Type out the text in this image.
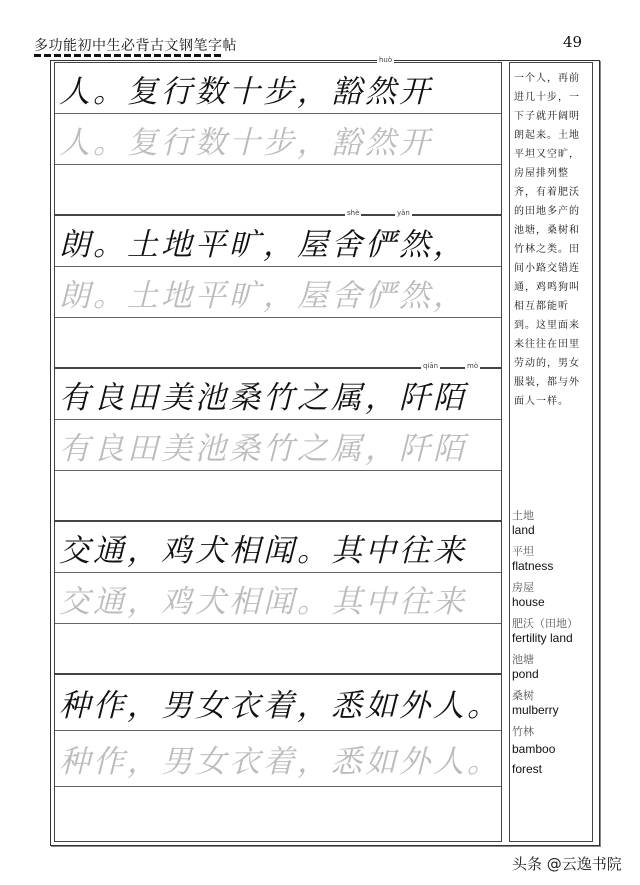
多功能初中生必背古文钢笔字帖	49
huò
人。复行数十步，豁然开
人。复行数十步，豁然开
shè	yǎn
朗。土地平旷，屋舍俨然，
朗。土地平旷，屋舍俨然，
qiān	mò
有良田美池桑竹之属，阡陌
有良田美池桑竹之属，阡陌
交通，鸡犬相闻。其中往来
交通，鸡犬相闻。其中往来
种作，男女衣着，悉如外人。
种作，男女衣着，悉如外人。
一个人，再前进几十步，一下子就开阔明朗起来。土地平坦又空旷，房屋排列整齐，有着肥沃的田地多产的池塘，桑树和竹林之类。田间小路交错连通，鸡鸣狗叫相互都能听到。这里面来来往往在田里劳动的，男女服装，都与外面人一样。
土地
land
平坦
flatness
房屋
house
肥沃（田地）
fertility land
池塘
pond
桑树
mulberry
竹林
bamboo forest
头条 @云逸书院
